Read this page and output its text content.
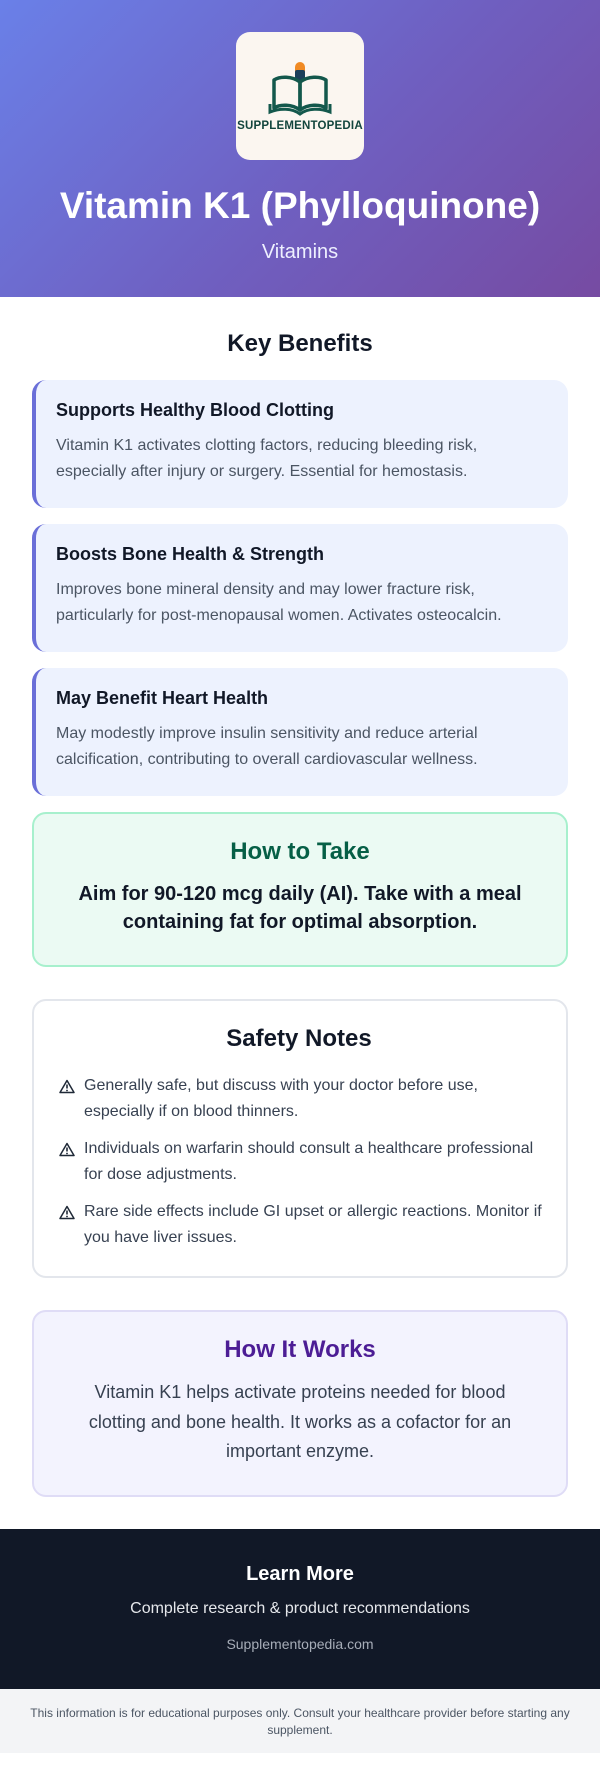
SUPPLEMENTOPEDIA
Vitamin K1 (Phylloquinone)
Vitamins
Key Benefits
Supports Healthy Blood Clotting

Vitamin K1 activates clotting factors, reducing bleeding risk, especially after injury or surgery. Essential for hemostasis.

Boosts Bone Health & Strength

Improves bone mineral density and may lower fracture risk, particularly for post-menopausal women. Activates osteocalcin.

May Benefit Heart Health

May modestly improve insulin sensitivity and reduce arterial calcification, contributing to overall cardiovascular wellness.

How to Take

Aim for 90-120 mcg daily (AI). Take with a meal containing fat for optimal absorption.

Safety Notes
Generally safe, but discuss with your doctor before use, especially if on blood thinners.
Individuals on warfarin should consult a healthcare professional for dose adjustments.
Rare side effects include GI upset or allergic reactions. Monitor if you have liver issues.
How It Works

Vitamin K1 helps activate proteins needed for blood clotting and bone health. It works as a cofactor for an important enzyme.

Learn More
Complete research & product recommendations
Supplementopedia.com
This information is for educational purposes only. Consult your healthcare provider before starting any supplement.
